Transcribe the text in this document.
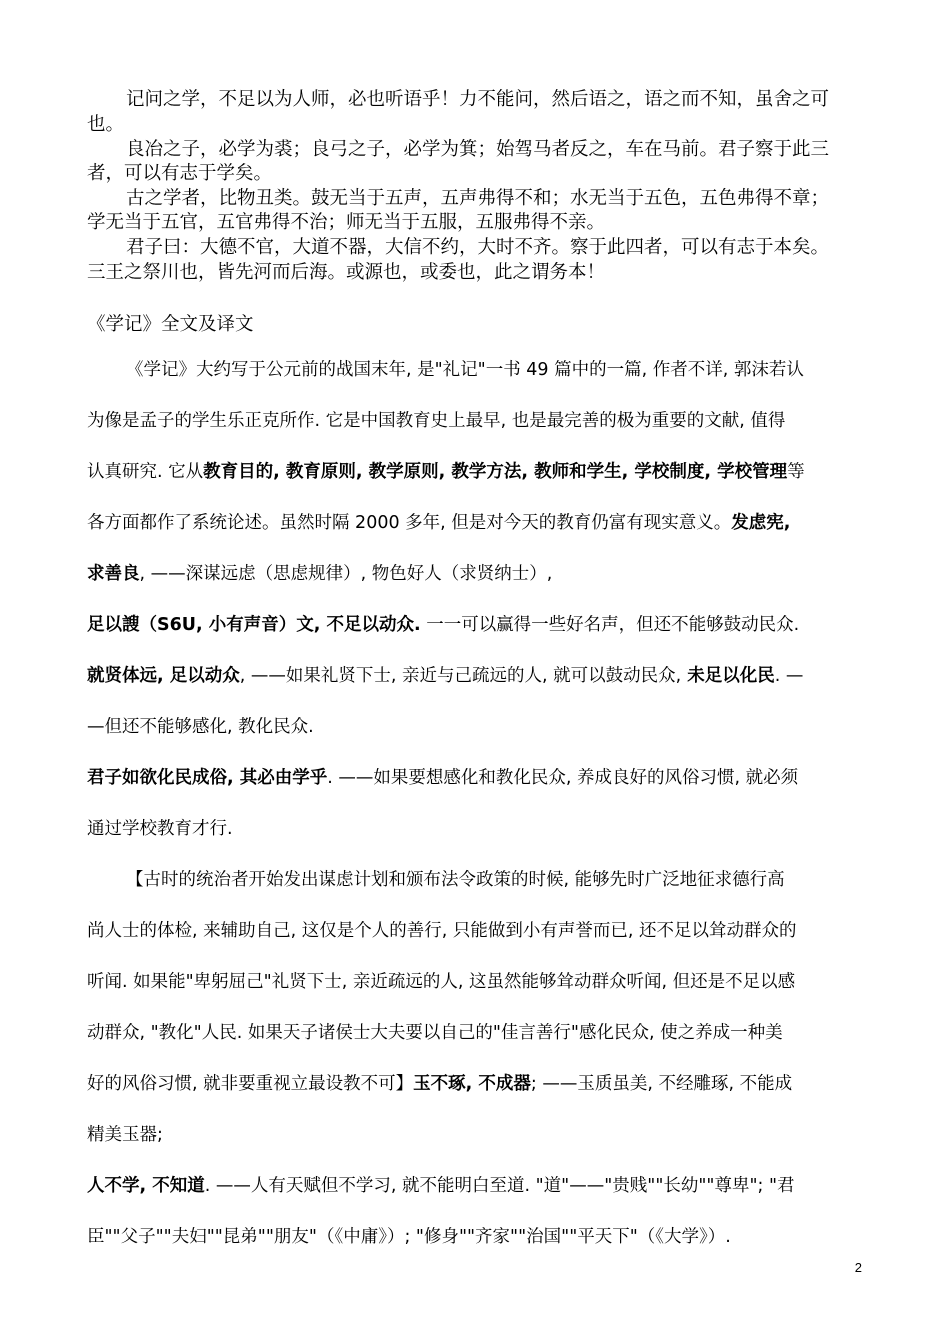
记问之学，不足以为人师，必也听语乎！力不能问，然后语之，语之而不知，虽舍之可
也。
良冶之子，必学为裘；良弓之子，必学为箕；始驾马者反之，车在马前。君子察于此三
者，可以有志于学矣。
古之学者，比物丑类。鼓无当于五声，五声弗得不和；水无当于五色，五色弗得不章；
学无当于五官，五官弗得不治；师无当于五服，五服弗得不亲。
君子曰：大德不官，大道不器，大信不约，大时不齐。察于此四者，可以有志于本矣。
三王之祭川也，皆先河而后海。或源也，或委也，此之谓务本！
《学记》全文及译文
《学记》大约写于公元前的战国末年, 是"礼记"一书 49 篇中的一篇, 作者不详, 郭沫若认
为像是孟子的学生乐正克所作. 它是中国教育史上最早, 也是最完善的极为重要的文献, 值得
认真研究. 它从教育目的, 教育原则, 教学原则, 教学方法, 教师和学生, 学校制度, 学校管理等
各方面都作了系统论述。虽然时隔 2000 多年, 但是对今天的教育仍富有现实意义。发虑宪,
求善良, ——深谋远虑（思虑规律）, 物色好人（求贤纳士）,
足以謏（S6U, 小有声音）文, 不足以动众. 一一可以赢得一些好名声，但还不能够鼓动民众.
就贤体远, 足以动众, ——如果礼贤下士, 亲近与己疏远的人, 就可以鼓动民众, 未足以化民. —
—但还不能够感化, 教化民众.
君子如欲化民成俗, 其必由学乎. ——如果要想感化和教化民众, 养成良好的风俗习惯, 就必须
通过学校教育才行.
【古时的统治者开始发出谋虑计划和颁布法令政策的时候, 能够先时广泛地征求德行高
尚人士的体检, 来辅助自己, 这仅是个人的善行, 只能做到小有声誉而已, 还不足以耸动群众的
听闻. 如果能"卑躬屈己"礼贤下士, 亲近疏远的人, 这虽然能够耸动群众听闻, 但还是不足以感
动群众, "教化"人民. 如果天子诸侯士大夫要以自己的"佳言善行"感化民众, 使之养成一种美
好的风俗习惯, 就非要重视立最设教不可】玉不琢, 不成器; ——玉质虽美, 不经雕琢, 不能成
精美玉器;
人不学, 不知道. ——人有天赋但不学习, 就不能明白至道. "道"——"贵贱""长幼""尊卑"; "君
臣""父子""夫妇""昆弟""朋友"（《中庸》）; "修身""齐家""治国""平天下"（《大学》）.
2
